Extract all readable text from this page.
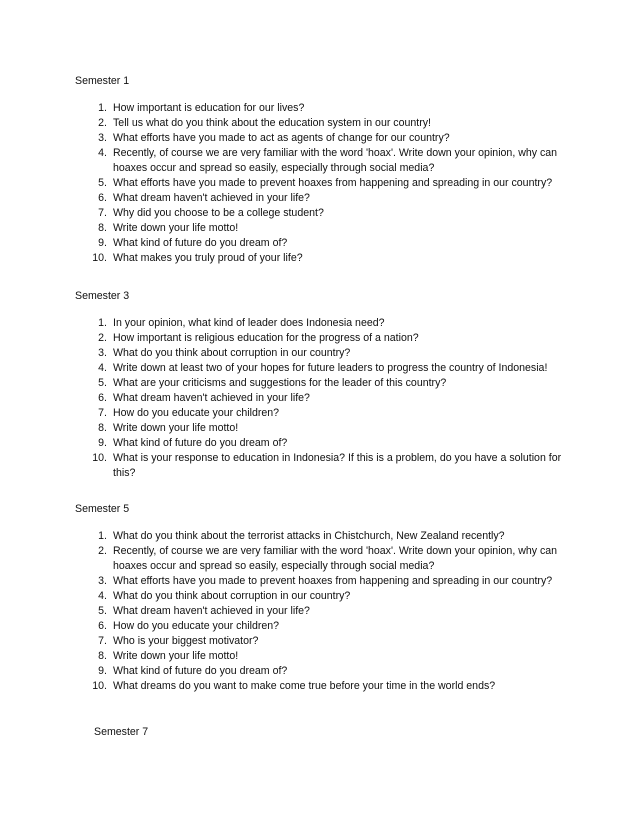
Semester 1

1. How important is education for our lives?
2. Tell us what do you think about the education system in our country!
3. What efforts have you made to act as agents of change for our country?
4. Recently, of course we are very familiar with the word 'hoax'. Write down your opinion, why can hoaxes occur and spread so easily, especially through social media?
5. What efforts have you made to prevent hoaxes from happening and spreading in our country?
6. What dream haven't achieved in your life?
7. Why did you choose to be a college student?
8. Write down your life motto!
9. What kind of future do you dream of?
10. What makes you truly proud of your life?

Semester 3

1. In your opinion, what kind of leader does Indonesia need?
2. How important is religious education for the progress of a nation?
3. What do you think about corruption in our country?
4. Write down at least two of your hopes for future leaders to progress the country of Indonesia!
5. What are your criticisms and suggestions for the leader of this country?
6. What dream haven't achieved in your life?
7. How do you educate your children?
8. Write down your life motto!
9. What kind of future do you dream of?
10. What is your response to education in Indonesia? If this is a problem, do you have a solution for this?

Semester 5

1. What do you think about the terrorist attacks in Chistchurch, New Zealand recently?
2. Recently, of course we are very familiar with the word 'hoax'. Write down your opinion, why can hoaxes occur and spread so easily, especially through social media?
3. What efforts have you made to prevent hoaxes from happening and spreading in our country?
4. What do you think about corruption in our country?
5. What dream haven't achieved in your life?
6. How do you educate your children?
7. Who is your biggest motivator?
8. Write down your life motto!
9. What kind of future do you dream of?
10. What dreams do you want to make come true before your time in the world ends?

Semester 7
